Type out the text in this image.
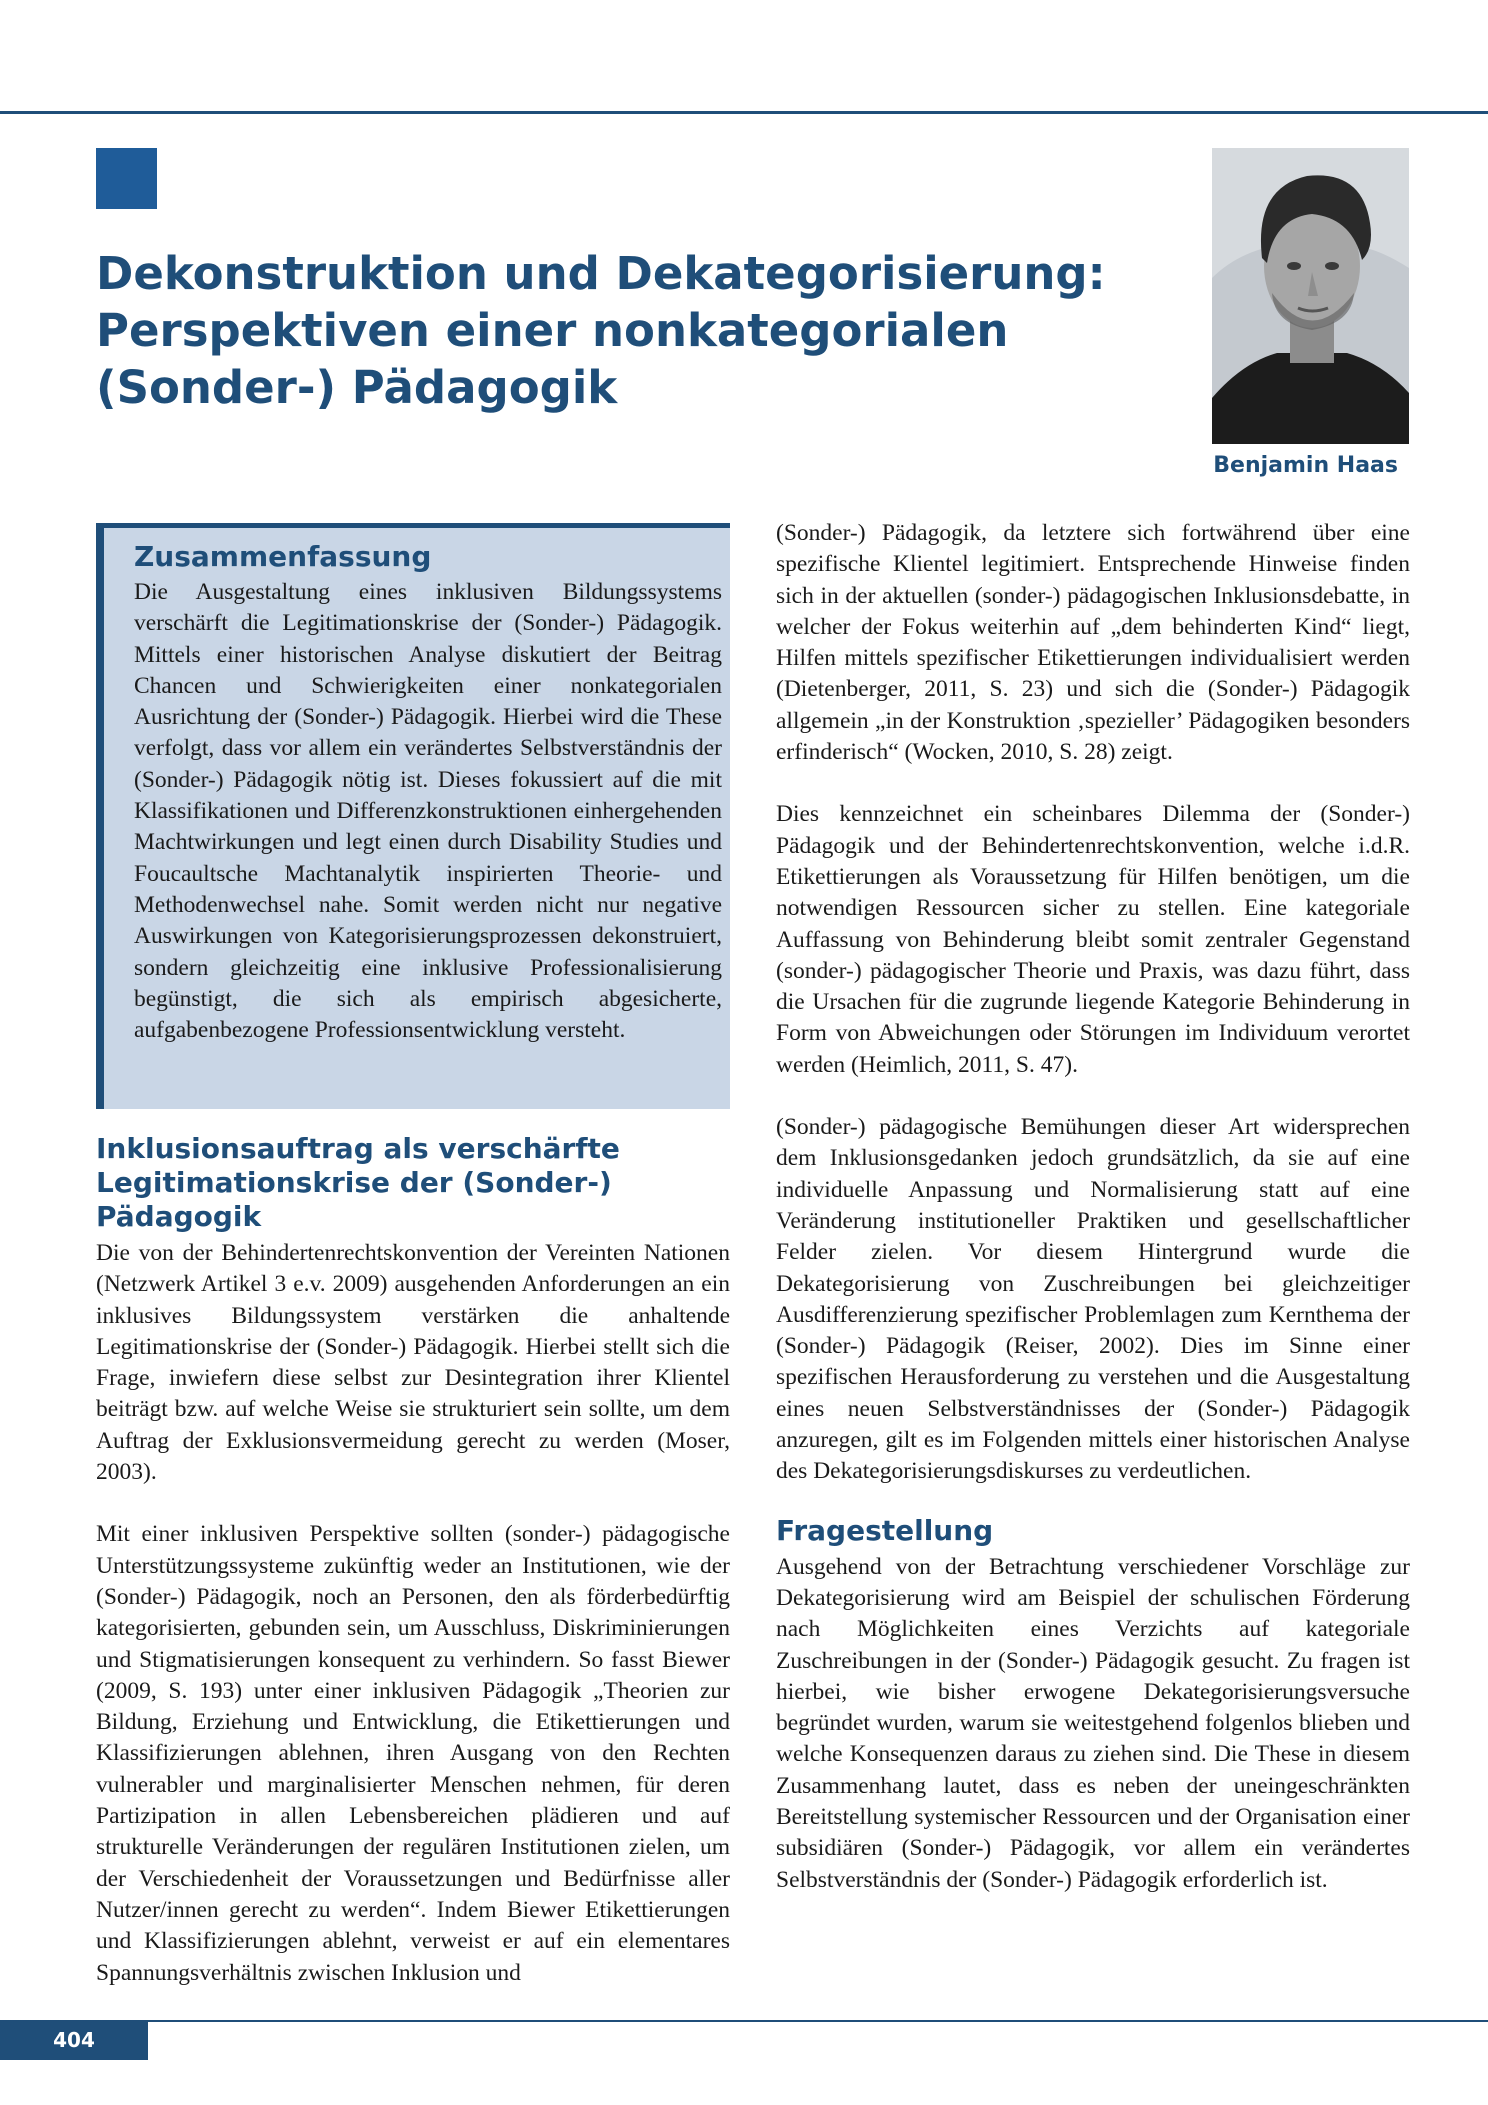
Dekonstruktion und Dekategorisierung:
Perspektiven einer nonkategorialen
(Sonder-) Pädagogik

Benjamin Haas

Zusammenfassung

Die Ausgestaltung eines inklusiven Bildungssystems verschärft die Legitimationskrise der (Sonder-) Pädagogik. Mittels einer historischen Analyse diskutiert der Beitrag Chancen und Schwierigkeiten einer nonkategorialen Ausrichtung der (Sonder-) Pädagogik. Hierbei wird die These verfolgt, dass vor allem ein verändertes Selbstverständnis der (Sonder-) Pädagogik nötig ist. Dieses fokussiert auf die mit Klassifikationen und Differenzkonstruktionen einhergehenden Machtwirkungen und legt einen durch Disability Studies und Foucaultsche Machtanalytik inspirierten Theorie- und Methodenwechsel nahe. Somit werden nicht nur negative Auswirkungen von Kategorisierungsprozessen dekonstruiert, sondern gleichzeitig eine inklusive Professionalisierung begünstigt, die sich als empirisch abgesicherte, aufgabenbezogene Professionsentwicklung versteht.

Inklusionsauftrag als verschärfte Legitimationskrise der (Sonder-) Pädagogik

Die von der Behindertenrechtskonvention der Vereinten Nationen (Netzwerk Artikel 3 e.v. 2009) ausgehenden Anforderungen an ein inklusives Bildungssystem verstärken die anhaltende Legitimationskrise der (Sonder-) Pädagogik. Hierbei stellt sich die Frage, inwiefern diese selbst zur Desintegration ihrer Klientel beiträgt bzw. auf welche Weise sie strukturiert sein sollte, um dem Auftrag der Exklusionsvermeidung gerecht zu werden (Moser, 2003).

Mit einer inklusiven Perspektive sollten (sonder-) pädagogische Unterstützungssysteme zukünftig weder an Institutionen, wie der (Sonder-) Pädagogik, noch an Personen, den als förderbedürftig kategorisierten, gebunden sein, um Ausschluss, Diskriminierungen und Stigmatisierungen konsequent zu verhindern. So fasst Biewer (2009, S. 193) unter einer inklusiven Pädagogik „Theorien zur Bildung, Erziehung und Entwicklung, die Etikettierungen und Klassifizierungen ablehnen, ihren Ausgang von den Rechten vulnerabler und marginalisierter Menschen nehmen, für deren Partizipation in allen Lebensbereichen plädieren und auf strukturelle Veränderungen der regulären Institutionen zielen, um der Verschiedenheit der Voraussetzungen und Bedürfnisse aller Nutzer/innen gerecht zu werden“. Indem Biewer Etikettierungen und Klassifizierungen ablehnt, verweist er auf ein elementares Spannungsverhältnis zwischen Inklusion und

(Sonder-) Pädagogik, da letztere sich fortwährend über eine spezifische Klientel legitimiert. Entsprechende Hinweise finden sich in der aktuellen (sonder-) pädagogischen Inklusionsdebatte, in welcher der Fokus weiterhin auf „dem behinderten Kind“ liegt, Hilfen mittels spezifischer Etikettierungen individualisiert werden (Dietenberger, 2011, S. 23) und sich die (Sonder-) Pädagogik allgemein „in der Konstruktion ‚spezieller’ Pädagogiken besonders erfinderisch“ (Wocken, 2010, S. 28) zeigt.

Dies kennzeichnet ein scheinbares Dilemma der (Sonder-) Pädagogik und der Behindertenrechtskonvention, welche i.d.R. Etikettierungen als Voraussetzung für Hilfen benötigen, um die notwendigen Ressourcen sicher zu stellen. Eine kategoriale Auffassung von Behinderung bleibt somit zentraler Gegenstand (sonder-) pädagogischer Theorie und Praxis, was dazu führt, dass die Ursachen für die zugrunde liegende Kategorie Behinderung in Form von Abweichungen oder Störungen im Individuum verortet werden (Heimlich, 2011, S. 47).

(Sonder-) pädagogische Bemühungen dieser Art widersprechen dem Inklusionsgedanken jedoch grundsätzlich, da sie auf eine individuelle Anpassung und Normalisierung statt auf eine Veränderung institutioneller Praktiken und gesellschaftlicher Felder zielen. Vor diesem Hintergrund wurde die Dekategorisierung von Zuschreibungen bei gleichzeitiger Ausdifferenzierung spezifischer Problemlagen zum Kernthema der (Sonder-) Pädagogik (Reiser, 2002). Dies im Sinne einer spezifischen Herausforderung zu verstehen und die Ausgestaltung eines neuen Selbstverständnisses der (Sonder-) Pädagogik anzuregen, gilt es im Folgenden mittels einer historischen Analyse des Dekategorisierungsdiskurses zu verdeutlichen.

Fragestellung

Ausgehend von der Betrachtung verschiedener Vorschläge zur Dekategorisierung wird am Beispiel der schulischen Förderung nach Möglichkeiten eines Verzichts auf kategoriale Zuschreibungen in der (Sonder-) Pädagogik gesucht. Zu fragen ist hierbei, wie bisher erwogene Dekategorisierungsversuche begründet wurden, warum sie weitestgehend folgenlos blieben und welche Konsequenzen daraus zu ziehen sind. Die These in diesem Zusammenhang lautet, dass es neben der uneingeschränkten Bereitstellung systemischer Ressourcen und der Organisation einer subsidiären (Sonder-) Pädagogik, vor allem ein verändertes Selbstverständnis der (Sonder-) Pädagogik erforderlich ist.

404
